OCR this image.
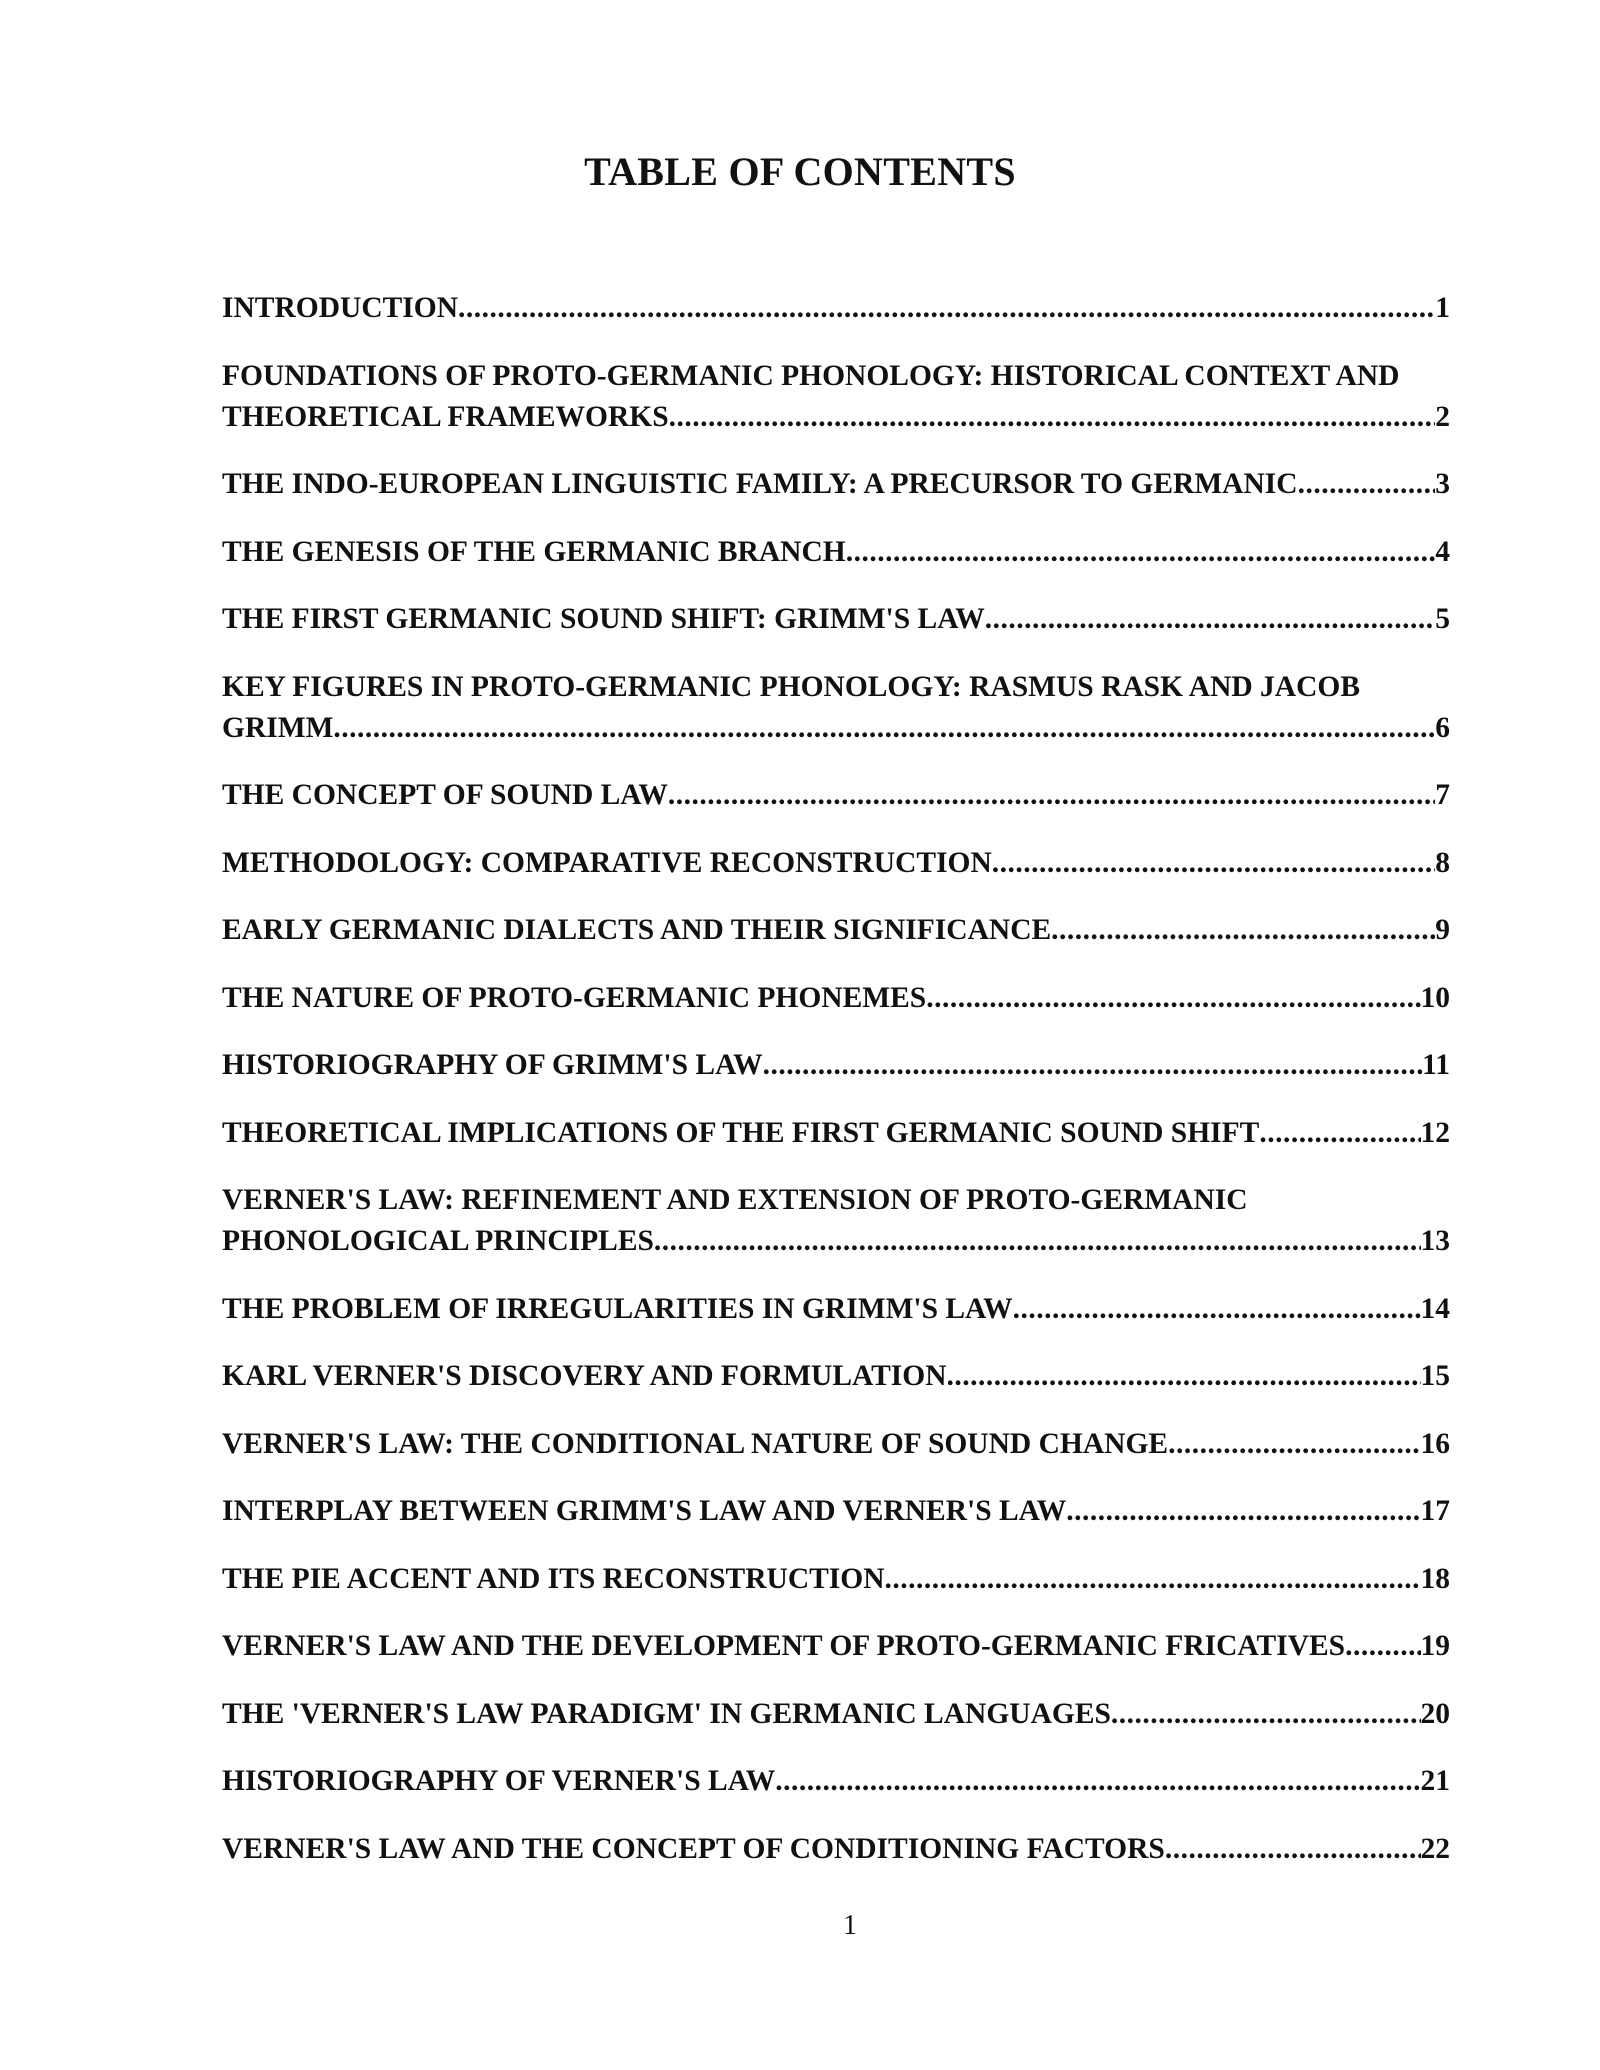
TABLE OF CONTENTS
INTRODUCTION .....	1
FOUNDATIONS OF PROTO-GERMANIC PHONOLOGY: HISTORICAL CONTEXT AND
THEORETICAL FRAMEWORKS .....	2
THE INDO-EUROPEAN LINGUISTIC FAMILY: A PRECURSOR TO GERMANIC .....	3
THE GENESIS OF THE GERMANIC BRANCH .....	4
THE FIRST GERMANIC SOUND SHIFT: GRIMM'S LAW .....	5
KEY FIGURES IN PROTO-GERMANIC PHONOLOGY: RASMUS RASK AND JACOB
GRIMM .....	6
THE CONCEPT OF SOUND LAW .....	7
METHODOLOGY: COMPARATIVE RECONSTRUCTION .....	8
EARLY GERMANIC DIALECTS AND THEIR SIGNIFICANCE .....	9
THE NATURE OF PROTO-GERMANIC PHONEMES .....	10
HISTORIOGRAPHY OF GRIMM'S LAW .....	11
THEORETICAL IMPLICATIONS OF THE FIRST GERMANIC SOUND SHIFT .....	12
VERNER'S LAW: REFINEMENT AND EXTENSION OF PROTO-GERMANIC
PHONOLOGICAL PRINCIPLES .....	13
THE PROBLEM OF IRREGULARITIES IN GRIMM'S LAW .....	14
KARL VERNER'S DISCOVERY AND FORMULATION .....	15
VERNER'S LAW: THE CONDITIONAL NATURE OF SOUND CHANGE .....	16
INTERPLAY BETWEEN GRIMM'S LAW AND VERNER'S LAW .....	17
THE PIE ACCENT AND ITS RECONSTRUCTION .....	18
VERNER'S LAW AND THE DEVELOPMENT OF PROTO-GERMANIC FRICATIVES .....	19
THE 'VERNER'S LAW PARADIGM' IN GERMANIC LANGUAGES .....	20
HISTORIOGRAPHY OF VERNER'S LAW .....	21
VERNER'S LAW AND THE CONCEPT OF CONDITIONING FACTORS .....	22
1
